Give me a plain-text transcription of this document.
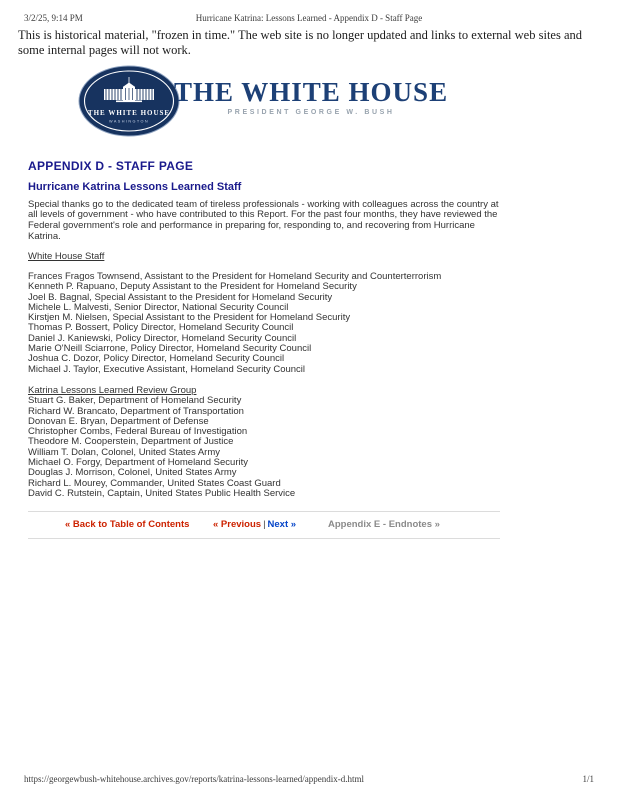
3/2/25, 9:14 PM	Hurricane Katrina: Lessons Learned - Appendix D - Staff Page
This is historical material, "frozen in time." The web site is no longer updated and links to external web sites and some internal pages will not work.
THE WHITE HOUSE
WASHINGTON
THE WHITE HOUSE
PRESIDENT GEORGE W. BUSH
APPENDIX D - STAFF PAGE
Hurricane Katrina Lessons Learned Staff
Special thanks go to the dedicated team of tireless professionals - working with colleagues across the country at all levels of government - who have contributed to this Report. For the past four months, they have reviewed the Federal government's role and performance in preparing for, responding to, and recovering from Hurricane Katrina.
White House Staff
Frances Fragos Townsend, Assistant to the President for Homeland Security and Counterterrorism
Kenneth P. Rapuano, Deputy Assistant to the President for Homeland Security
Joel B. Bagnal, Special Assistant to the President for Homeland Security
Michele L. Malvesti, Senior Director, National Security Council
Kirstjen M. Nielsen, Special Assistant to the President for Homeland Security
Thomas P. Bossert, Policy Director, Homeland Security Council
Daniel J. Kaniewski, Policy Director, Homeland Security Council
Marie O'Neill Sciarrone, Policy Director, Homeland Security Council
Joshua C. Dozor, Policy Director, Homeland Security Council
Michael J. Taylor, Executive Assistant, Homeland Security Council
Katrina Lessons Learned Review Group
Stuart G. Baker, Department of Homeland Security
Richard W. Brancato, Department of Transportation
Donovan E. Bryan, Department of Defense
Christopher Combs, Federal Bureau of Investigation
Theodore M. Cooperstein, Department of Justice
William T. Dolan, Colonel, United States Army
Michael O. Forgy, Department of Homeland Security
Douglas J. Morrison, Colonel, United States Army
Richard L. Mourey, Commander, United States Coast Guard
David C. Rutstein, Captain, United States Public Health Service
« Back to Table of Contents « Previous | Next »	Appendix E - Endnotes »
https://georgewbush-whitehouse.archives.gov/reports/katrina-lessons-learned/appendix-d.html	1/1
